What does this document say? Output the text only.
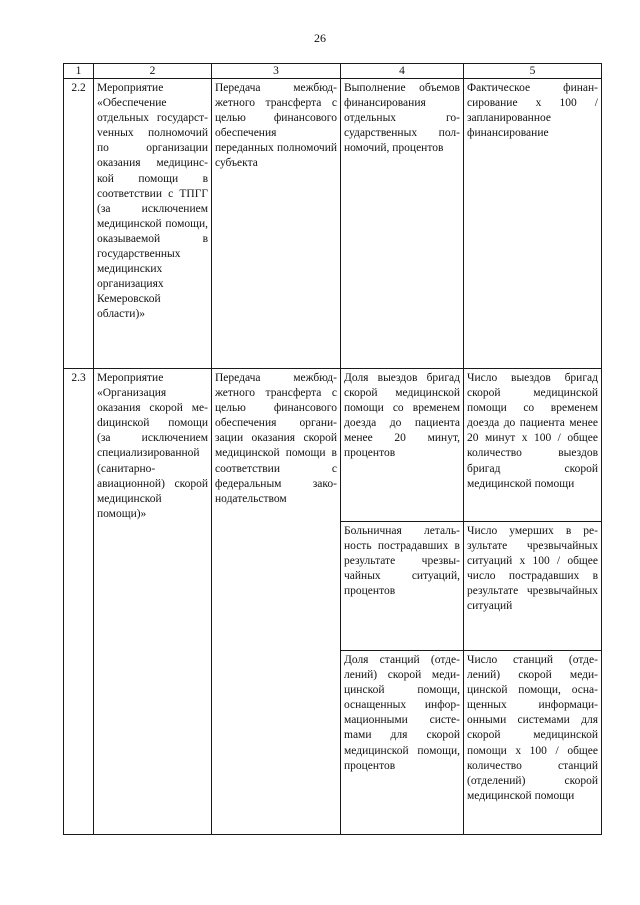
26
1	2	3	4	5
2.2	Мероприятие «Обеспечение отдельных государстvенных полномочий по организации оказания медицинской помощи в соответствии с ТПГГ (за исключением медицинской помощи, оказываемой в государственных медицинских организациях Кемеровской области)»	Передача межбюджетного трансферта с целью финансового обеспечения переданных полномочий субъекта	Выполнение объемов финансирования отдельных государственных полномочий, процентов	Фактическое финансирование х 100 / запланированное финансирование
2.3	Мероприятие «Организация оказания скорой меdицинской помощи (за исключением специализированной (санитарно-авиационной) скорой медицинской помощи)»	Передача межбюджетного трансферта с целью финансового обеспечения организации оказания скорой медицинской помощи в соответствии с федеральным законодательством	Доля выездов бригад скорой медицинской помощи со временем доезда до пациента менее 20 минут, процентов	Число выездов бригад скорой медицинской помощи со временем доезда до пациента менее 20 минут х 100 / общее количество выездов бригад скорой медицинской помощи
			Больничная летальность пострадавших в результате чрезвычайных ситуаций, процентов	Число умерших в результате чрезвычайных ситуаций х 100 / общее число пострадавших в результате чрезвычайных ситуаций
			Доля станций (отделений) скорой медицинской помощи, оснащенных информационными систеmами для скорой медицинской помощи, процентов	Число станций (отделений) скорой медицинской помощи, оснащенных информационными системами для скорой медицинской помощи х 100 / общее количество станций (отделений) скорой медицинской помощи
